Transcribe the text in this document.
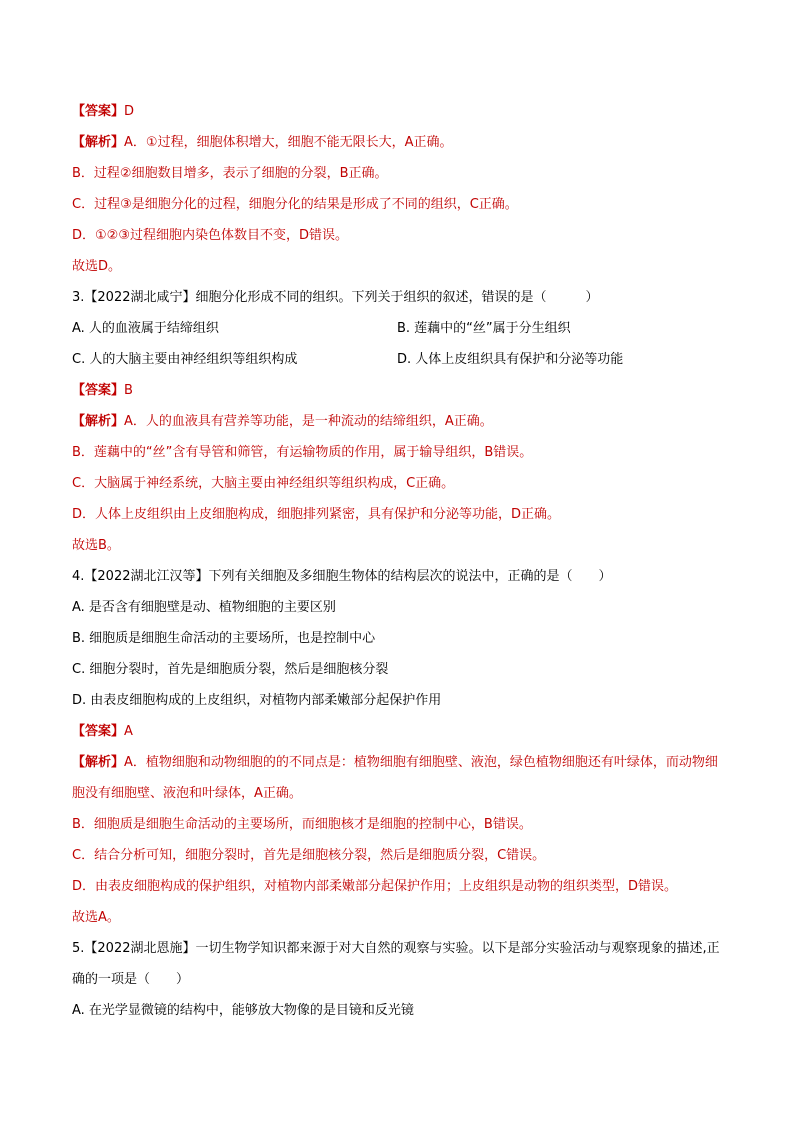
【答案】D
【解析】A．①过程，细胞体积增大，细胞不能无限长大，A正确。
B．过程②细胞数目增多，表示了细胞的分裂，B正确。
C．过程③是细胞分化的过程，细胞分化的结果是形成了不同的组织，C正确。
D．①②③过程细胞内染色体数目不变，D错误。
故选D。
3.【2022湖北咸宁】细胞分化形成不同的组织。下列关于组织的叙述，错误的是（　　　）
A. 人的血液属于结缔组织	B. 莲藕中的“丝”属于分生组织
C. 人的大脑主要由神经组织等组织构成	D. 人体上皮组织具有保护和分泌等功能
【答案】B
【解析】A．人的血液具有营养等功能，是一种流动的结缔组织，A正确。
B．莲藕中的“丝”含有导管和筛管，有运输物质的作用，属于输导组织，B错误。
C．大脑属于神经系统，大脑主要由神经组织等组织构成，C正确。
D．人体上皮组织由上皮细胞构成，细胞排列紧密，具有保护和分泌等功能，D正确。
故选B。
4.【2022湖北江汉等】下列有关细胞及多细胞生物体的结构层次的说法中，正确的是（　　）
A. 是否含有细胞壁是动、植物细胞的主要区别
B. 细胞质是细胞生命活动的主要场所，也是控制中心
C. 细胞分裂时，首先是细胞质分裂，然后是细胞核分裂
D. 由表皮细胞构成的上皮组织，对植物内部柔嫩部分起保护作用
【答案】A
【解析】A．植物细胞和动物细胞的的不同点是：植物细胞有细胞壁、液泡，绿色植物细胞还有叶绿体，而动物细胞没有细胞壁、液泡和叶绿体，A正确。
B．细胞质是细胞生命活动的主要场所，而细胞核才是细胞的控制中心，B错误。
C．结合分析可知，细胞分裂时，首先是细胞核分裂，然后是细胞质分裂，C错误。
D．由表皮细胞构成的保护组织，对植物内部柔嫩部分起保护作用；上皮组织是动物的组织类型，D错误。
故选A。
5.【2022湖北恩施】一切生物学知识都来源于对大自然的观察与实验。以下是部分实验活动与观察现象的描述,正确的一项是（　　）
A. 在光学显微镜的结构中，能够放大物像的是目镜和反光镜
